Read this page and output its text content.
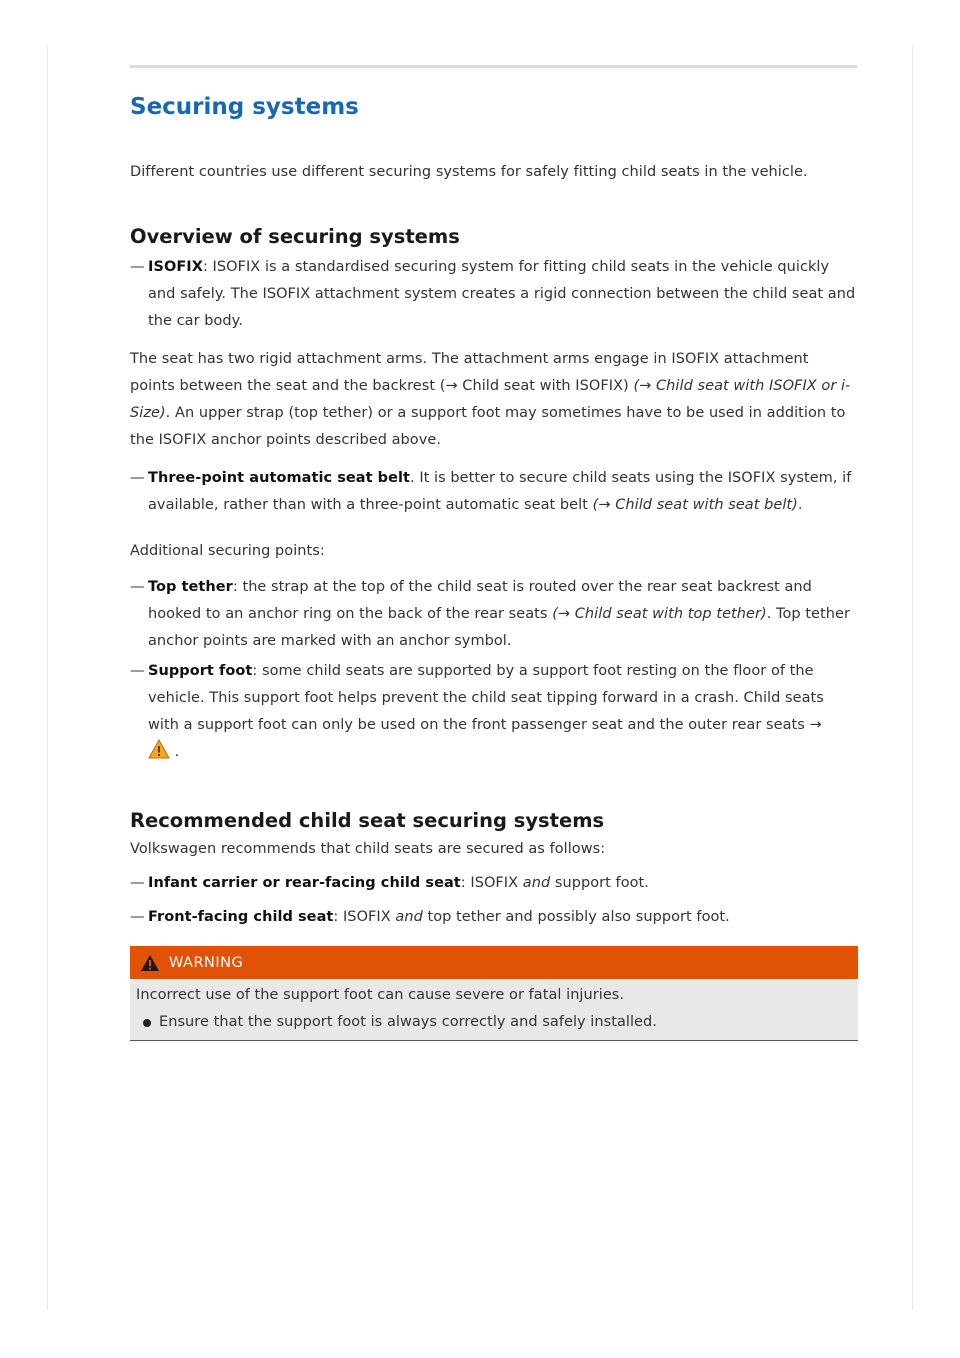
Securing systems

Different countries use different securing systems for safely fitting child seats in the vehicle.

Overview of securing systems
— ISOFIX: ISOFIX is a standardised securing system for fitting child seats in the vehicle quickly and safely. The ISOFIX attachment system creates a rigid connection between the child seat and the car body.

The seat has two rigid attachment arms. The attachment arms engage in ISOFIX attachment points between the seat and the backrest (→ Child seat with ISOFIX) (→ Child seat with ISOFIX or i-Size). An upper strap (top tether) or a support foot may sometimes have to be used in addition to the ISOFIX anchor points described above.

— Three-point automatic seat belt. It is better to secure child seats using the ISOFIX system, if available, rather than with a three-point automatic seat belt (→ Child seat with seat belt).

Additional securing points:

— Top tether: the strap at the top of the child seat is routed over the rear seat backrest and hooked to an anchor ring on the back of the rear seats (→ Child seat with top tether). Top tether anchor points are marked with an anchor symbol.
— Support foot: some child seats are supported by a support foot resting on the floor of the vehicle. This support foot helps prevent the child seat tipping forward in a crash. Child seats with a support foot can only be used on the front passenger seat and the outer rear seats →
.
Recommended child seat securing systems

Volkswagen recommends that child seats are secured as follows:

— Infant carrier or rear-facing child seat: ISOFIX and support foot.
— Front-facing child seat: ISOFIX and top tether and possibly also support foot.
WARNING

Incorrect use of the support foot can cause severe or fatal injuries.

Ensure that the support foot is always correctly and safely installed.
